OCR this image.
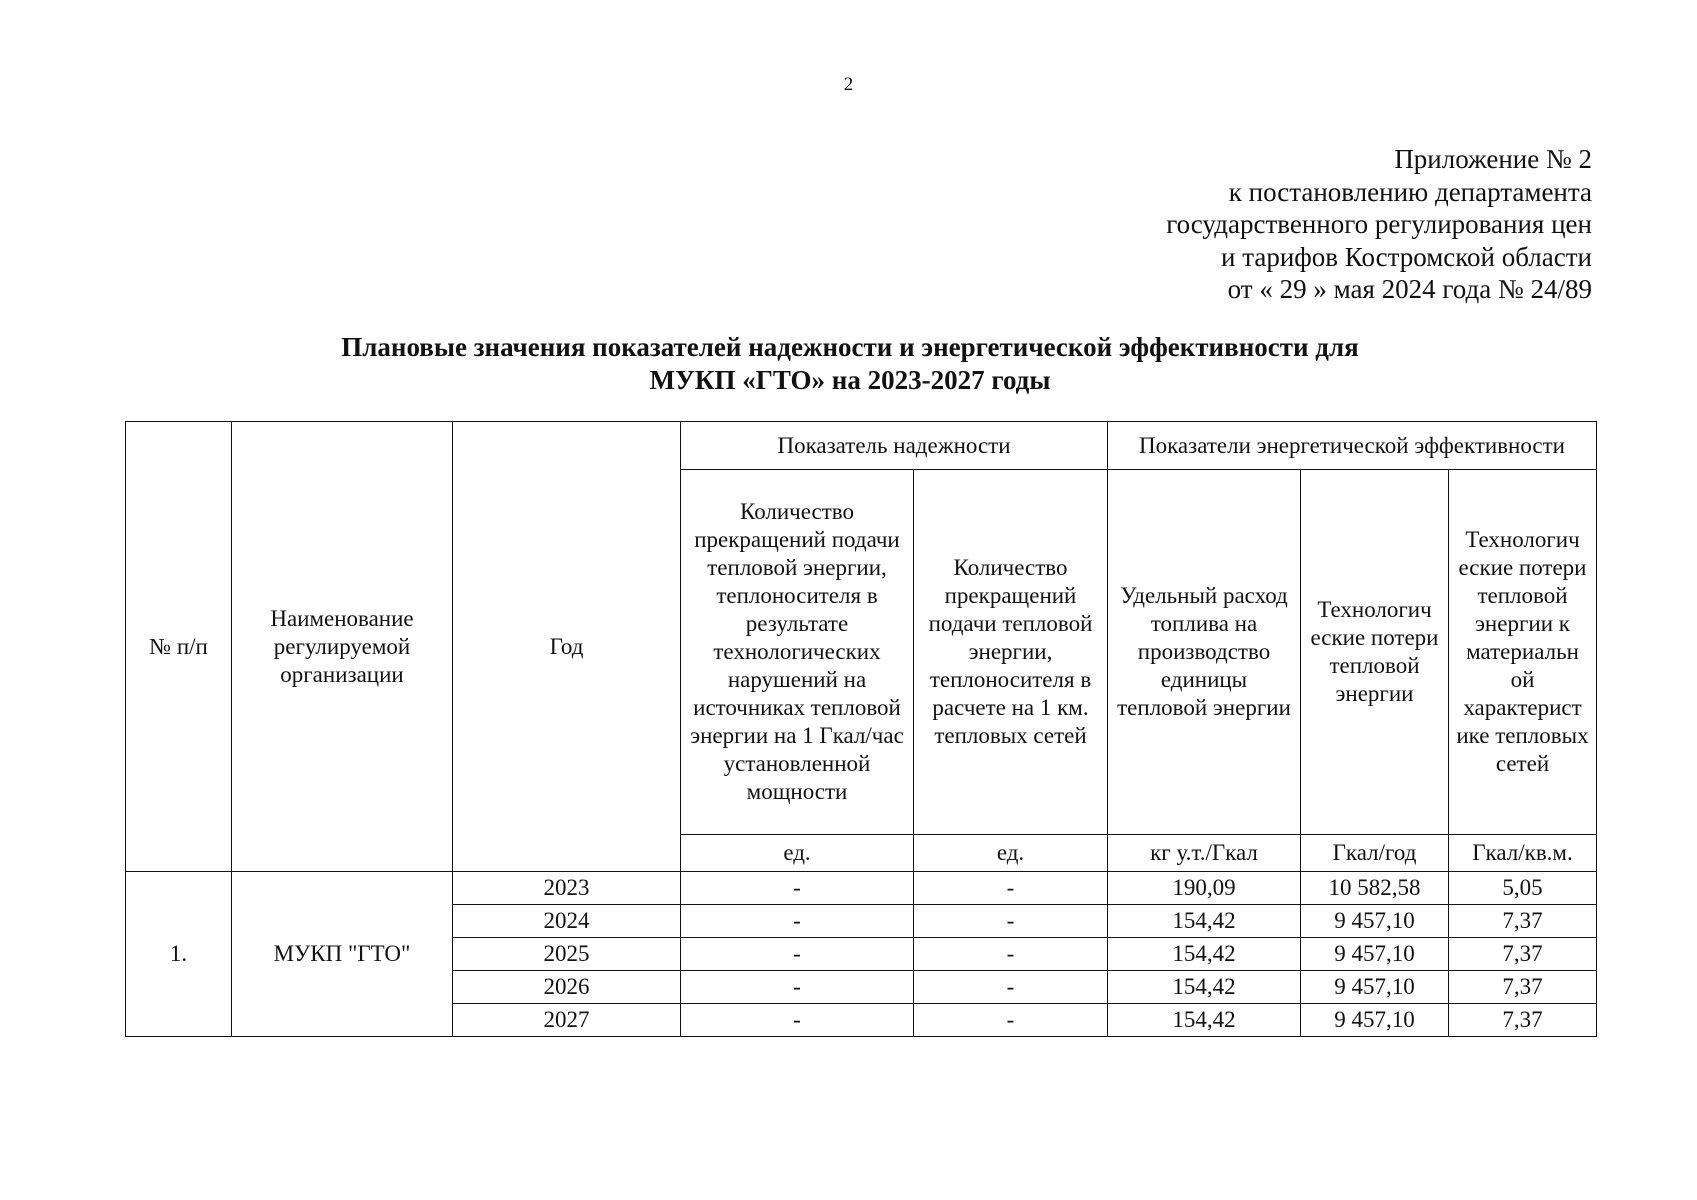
2
Приложение № 2
к постановлению департамента
государственного регулирования цен
и тарифов Костромской области
от « 29 » мая 2024 года № 24/89
Плановые значения показателей надежности и энергетической эффективности для
МУКП «ГТО» на 2023-2027 годы
№ п/п	Наименование регулируемой организации	Год	Показатель надежности		Показатели энергетической эффективности		
			Количество прекращений подачи тепловой энергии, теплоносителя в результате технологических нарушений на источниках тепловой энергии на 1 Гкал/час установленной мощности	Количество прекращений подачи тепловой энергии, теплоносителя в расчете на 1 км. тепловых сетей	Удельный расход топлива на производство единицы тепловой энергии	Технологич еские потери тепловой энергии	Технологич еские потери тепловой энергии к материальн ой характерист ике тепловых сетей
			ед.	ед.	кг у.т./Гкал	Гкал/год	Гкал/кв.м.
1.	МУКП "ГТО"	2023	-	-	190,09	10 582,58	5,05
		2024	-	-	154,42	9 457,10	7,37
		2025	-	-	154,42	9 457,10	7,37
		2026	-	-	154,42	9 457,10	7,37
		2027	-	-	154,42	9 457,10	7,37
